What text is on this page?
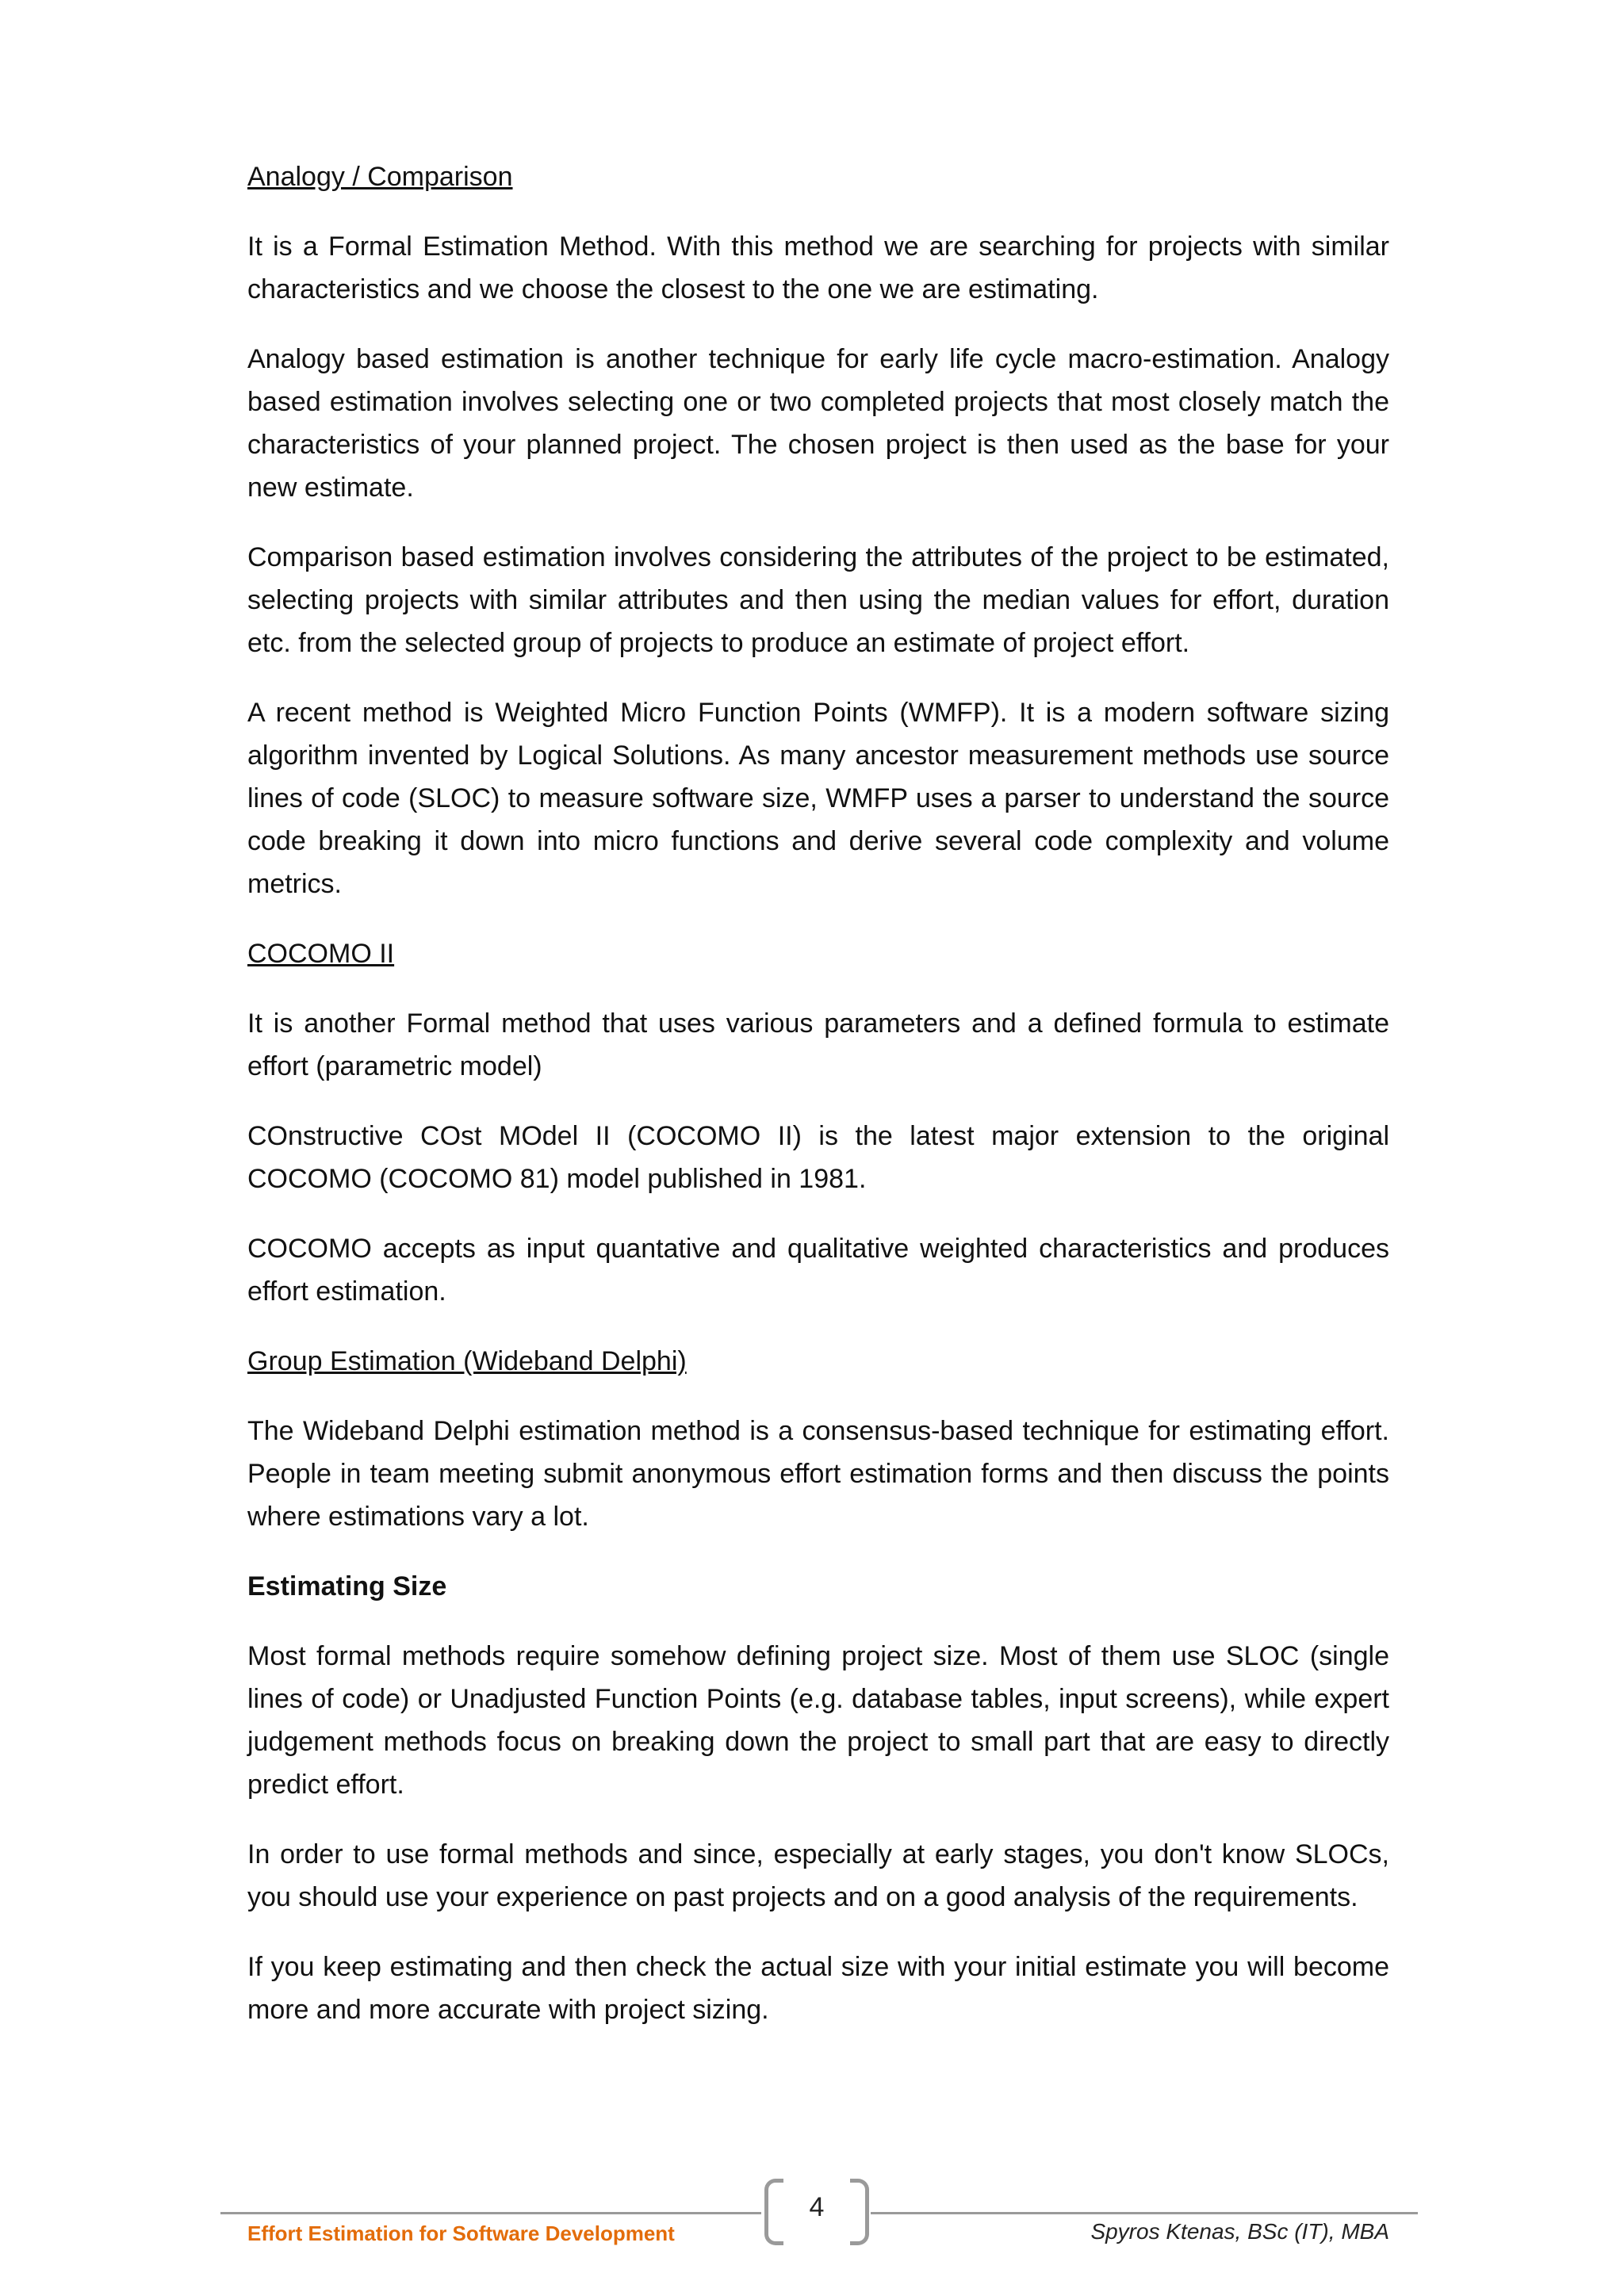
Analogy / Comparison

It is a Formal Estimation Method. With this method we are searching for projects with similar characteristics and we choose the closest to the one we are estimating.

Analogy based estimation is another technique for early life cycle macro-estimation. Analogy based estimation involves selecting one or two completed projects that most closely match the characteristics of your planned project. The chosen project is then used as the base for your new estimate.

Comparison based estimation involves considering the attributes of the project to be estimated, selecting projects with similar attributes and then using the median values for effort, duration etc. from the selected group of projects to produce an estimate of project effort.

A recent method is Weighted Micro Function Points (WMFP). It is a modern software sizing algorithm invented by Logical Solutions. As many ancestor measurement methods use source lines of code (SLOC) to measure software size, WMFP uses a parser to understand the source code breaking it down into micro functions and derive several code complexity and volume metrics.

COCOMO II

It is another Formal method that uses various parameters and a defined formula to estimate effort (parametric model)

COnstructive COst MOdel II (COCOMO II) is the latest major extension to the original COCOMO (COCOMO 81) model published in 1981.

COCOMO accepts as input quantative and qualitative weighted characteristics and produces effort estimation.

Group Estimation (Wideband Delphi)

The Wideband Delphi estimation method is a consensus-based technique for estimating effort. People in team meeting submit anonymous effort estimation forms and then discuss the points where estimations vary a lot.

Estimating Size

Most formal methods require somehow defining project size. Most of them use SLOC (single lines of code) or Unadjusted Function Points (e.g. database tables, input screens), while expert judgement methods focus on breaking down the project to small part that are easy to directly predict effort.

In order to use formal methods and since, especially at early stages, you don't know SLOCs, you should use your experience on past projects and on a good analysis of the requirements.

If you keep estimating and then check the actual size with your initial estimate you will become more and more accurate with project sizing.

4
Effort Estimation for Software Development	Spyros Ktenas, BSc (IT), MBA
